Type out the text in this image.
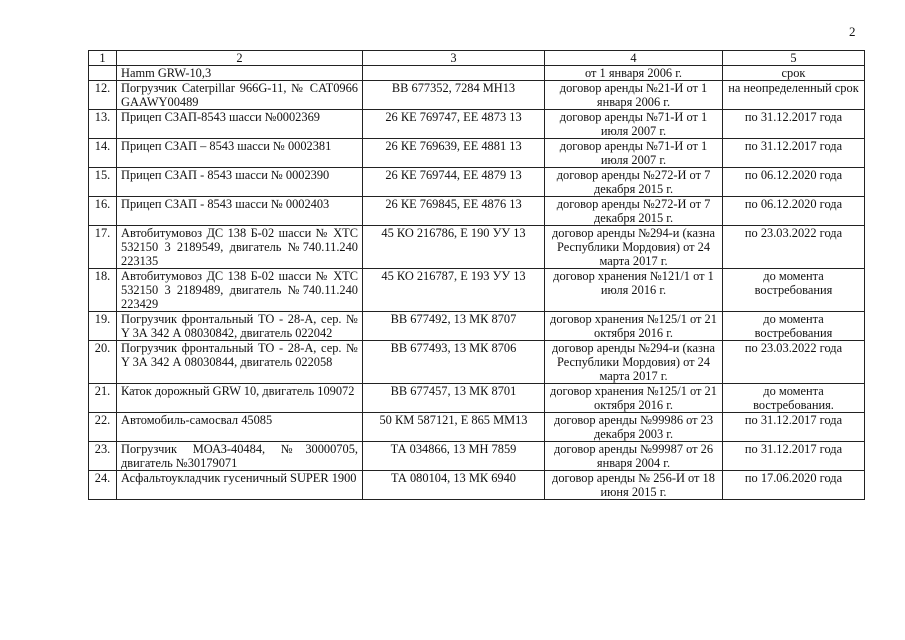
2
1	2	3	4	5
	Hamm GRW-10,3		от 1 января 2006 г.	срок
12.	Погрузчик Caterpillar 966G-11, № CAT0966 GAAWY00489	ВВ 677352, 7284 МН13	договор аренды №21-И от 1 января 2006 г.	на неопределенный срок
13.	Прицеп СЗАП-8543 шасси №0002369	26 КЕ 769747, ЕЕ 4873 13	договор аренды №71-И от 1 июля 2007 г.	по 31.12.2017 года
14.	Прицеп СЗАП – 8543 шасси № 0002381	26 КЕ 769639, ЕЕ 4881 13	договор аренды №71-И от 1 июля 2007 г.	по 31.12.2017 года
15.	Прицеп СЗАП - 8543 шасси № 0002390	26 КЕ 769744, ЕЕ 4879 13	договор аренды №272-И от 7 декабря 2015 г.	по 06.12.2020 года
16.	Прицеп СЗАП - 8543 шасси № 0002403	26 КЕ 769845, ЕЕ 4876 13	договор аренды №272-И от 7 декабря 2015 г.	по 06.12.2020 года
17.	Автобитумовоз ДС 138 Б-02 шасси № ХТС 532150 3 2189549, двигатель №740.11.240 223135	45 КО 216786, Е 190 УУ 13	договор аренды №294-и (казна Республики Мордовия) от 24 марта 2017 г.	по 23.03.2022 года
18.	Автобитумовоз ДС 138 Б-02 шасси № ХТС 532150 3 2189489, двигатель №740.11.240 223429	45 КО 216787, Е 193 УУ 13	договор хранения №121/1 от 1 июля 2016 г.	до момента востребования
19.	Погрузчик фронтальный ТО - 28-А, сер. № Y 3А 342 А 08030842, двигатель 022042	ВВ 677492, 13 МК 8707	договор хранения №125/1 от 21 октября 2016 г.	до момента востребования
20.	Погрузчик фронтальный ТО - 28-А, сер. № Y 3А 342 А 08030844, двигатель 022058	ВВ 677493, 13 МК 8706	договор аренды №294-и (казна Республики Мордовия) от 24 марта 2017 г.	по 23.03.2022 года
21.	Каток дорожный GRW 10, двигатель 109072	ВВ 677457, 13 МК 8701	договор хранения №125/1 от 21 октября 2016 г.	до момента востребования.
22.	Автомобиль-самосвал 45085	50 КМ 587121, Е 865 ММ13	договор аренды №99986 от 23 декабря 2003 г.	по 31.12.2017 года
23.	Погрузчик МОАЗ-40484, №30000705, двигатель №30179071	ТА 034866, 13 МН 7859	договор аренды №99987 от 26 января 2004 г.	по 31.12.2017 года
24.	Асфальтоукладчик гусеничный SUPER 1900	ТА 080104, 13 МК 6940	договор аренды № 256-И от 18 июня 2015 г.	по 17.06.2020 года
